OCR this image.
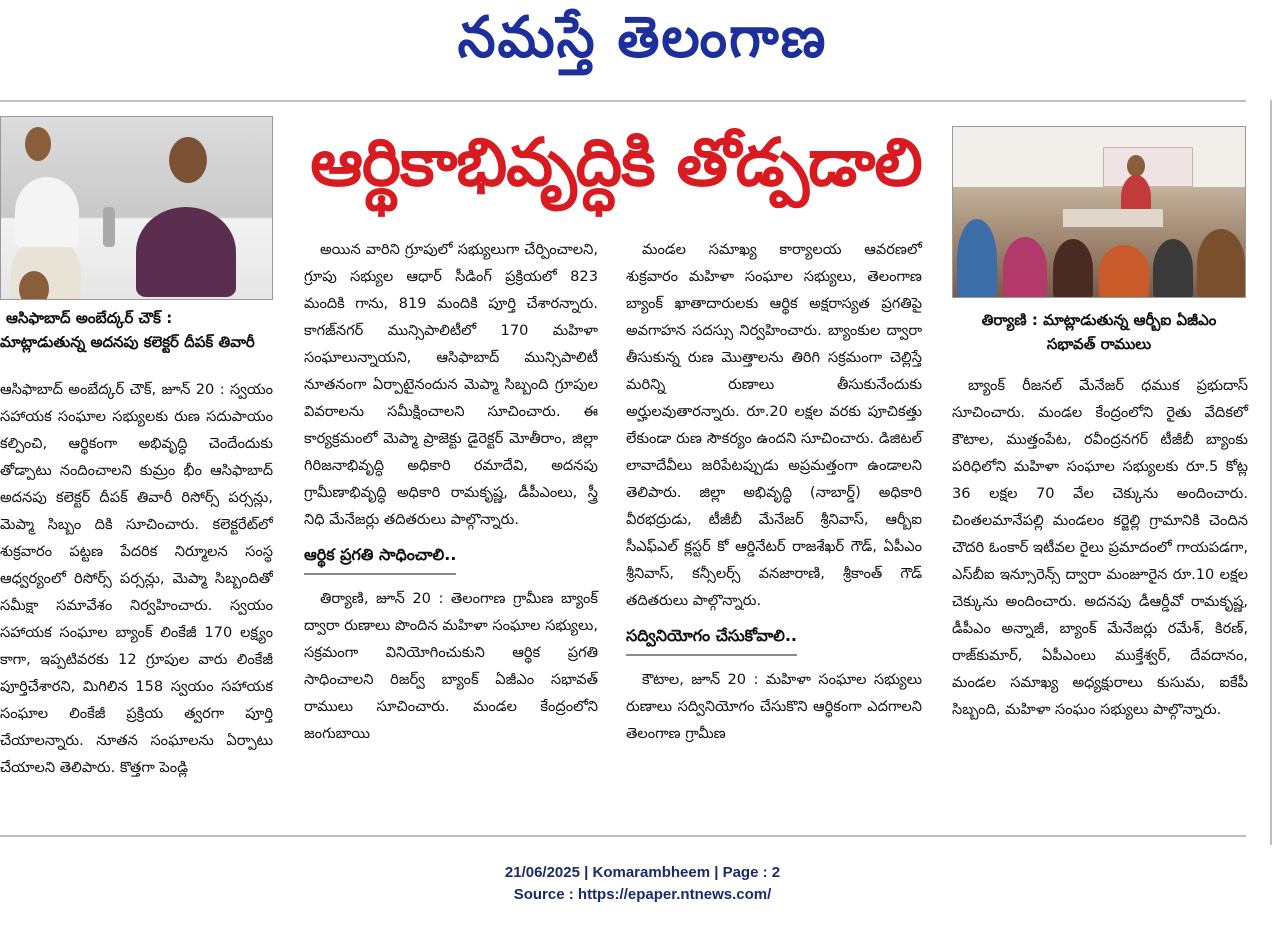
నమస్తే తెలంగాణ
ఆర్థికాభివృద్ధికి తోడ్పడాలి
ఆసిఫాబాద్ అంబేద్కర్ చౌక్ :
మాట్లాడుతున్న అదనపు కలెక్టర్ దీపక్ తివారీ
తిర్యాణి : మాట్లాడుతున్న ఆర్బీఐ ఏజీఎం
సభావత్ రాములు

ఆసిఫాబాద్ అంబేద్కర్ చౌక్, జూన్ 20 : స్వయం సహాయక సంఘాల సభ్యులకు రుణ సదుపాయం కల్పించి, ఆర్థికంగా అభివృద్ధి చెందేందుకు తోడ్పాటు నందించాలని కుమ్రం భీం ఆసిఫాబాద్ అదనపు కలెక్టర్ దీపక్ తివారీ రిసోర్స్ పర్సన్లు, మెప్మా సిబ్బం దికి సూచించారు. కలెక్టరేట్‌లో శుక్రవారం పట్టణ పేదరిక నిర్మూలన సంస్థ ఆధ్వర్యంలో రిసోర్స్ పర్సన్లు, మెప్మా సిబ్బందితో సమీక్షా సమావేశం నిర్వహించారు. స్వయం సహాయక సంఘాల బ్యాంక్ లింకేజీ 170 లక్ష్యం కాగా, ఇప్పటివరకు 12 గ్రూపుల వారు లింకేజీ పూర్తిచేశారని, మిగిలిన 158 స్వయం సహాయక సంఘాల లింకేజీ ప్రక్రియ త్వరగా పూర్తి చేయాలన్నారు. నూతన సంఘాలను ఏర్పాటు చేయాలని తెలిపారు. కొత్తగా పెండ్లి

అయిన వారిని గ్రూపులో సభ్యులుగా చేర్పించాలని, గ్రూపు సభ్యుల ఆధార్ సీడింగ్ ప్రక్రియలో 823 మందికి గాను, 819 మందికి పూర్తి చేశారన్నారు. కాగజ్‌నగర్ మున్సిపాలిటీలో 170 మహిళా సంఘాలున్నాయని, ఆసిఫాబాద్ మున్సిపాలిటీ నూతనంగా ఏర్పాటైనందున మెప్మా సిబ్బంది గ్రూపుల వివరాలను సమీక్షించాలని సూచించారు. ఈ కార్యక్రమంలో మెప్మా ప్రాజెక్టు డైరెక్టర్ మోతీరాం, జిల్లా గిరిజనాభివృద్ధి అధికారి రమాదేవి, అదనపు గ్రామీణాభివృద్ధి అధికారి రామకృష్ణ, డీపీఎంలు, స్త్రీ నిధి మేనేజర్లు తదితరులు పాల్గొన్నారు.

ఆర్థిక ప్రగతి సాధించాలి..

తిర్యాణి, జూన్ 20 : తెలంగాణ గ్రామీణ బ్యాంక్ ద్వారా రుణాలు పొందిన మహిళా సంఘాల సభ్యులు, సక్రమంగా వినియోగించుకుని ఆర్థిక ప్రగతి సాధించాలని రిజర్వ్ బ్యాంక్ ఏజీఎం సభావత్ రాములు సూచించారు. మండల కేంద్రంలోని జంగుబాయి

మండల సమాఖ్య కార్యాలయ ఆవరణలో శుక్రవారం మహిళా సంఘాల సభ్యులు, తెలంగాణ బ్యాంక్ ఖాతాదారులకు ఆర్థిక అక్షరాస్యత ప్రగతిపై అవగాహన సదస్సు నిర్వహించారు. బ్యాంకుల ద్వారా తీసుకున్న రుణ మొత్తాలను తిరిగి సక్రమంగా చెల్లిస్తే మరిన్ని రుణాలు తీసుకునేందుకు అర్హులవుతారన్నారు. రూ.20 లక్షల వరకు పూచికత్తు లేకుండా రుణ సౌకర్యం ఉందని సూచించారు. డిజిటల్ లావాదేవీలు జరిపేటప్పుడు అప్రమత్తంగా ఉండాలని తెలిపారు. జిల్లా అభివృద్ధి (నాబార్డ్) అధికారి వీరభద్రుడు, టీజీబీ మేనేజర్ శ్రీనివాస్, ఆర్బీఐ సీఎఫ్ఎల్ క్లస్టర్ కో ఆర్డినేటర్ రాజశేఖర్ గౌడ్, ఏపీఎం శ్రీనివాస్, కన్సీలర్స్ వనజారాణి, శ్రీకాంత్ గౌడ్ తదితరులు పాల్గొన్నారు.

సద్వినియోగం చేసుకోవాలి..

కౌటాల, జూన్ 20 : మహిళా సంఘాల సభ్యులు రుణాలు సద్వినియోగం చేసుకొని ఆర్థికంగా ఎదగాలని తెలంగాణ గ్రామీణ

బ్యాంక్ రీజనల్ మేనేజర్ ధముక ప్రభుదాస్ సూచించారు. మండల కేంద్రంలోని రైతు వేదికలో కౌటాల, ముత్తంపేట, రవీంద్రనగర్ టీజీబీ బ్యాంకు పరిధిలోని మహిళా సంఘాల సభ్యులకు రూ.5 కోట్ల 36 లక్షల 70 వేల చెక్కును అందించారు. చింతలమానేపల్లి మండలం కర్జెల్లి గ్రామానికి చెందిన చౌదరి ఓంకార్ ఇటీవల రైలు ప్రమాదంలో గాయపడగా, ఎస్‌బీఐ ఇన్సూరెన్స్ ద్వారా మంజూరైన రూ.10 లక్షల చెక్కును అందించారు. అదనపు డీఆర్డీవో రామకృష్ణ, డీపీఎం అన్నాజీ, బ్యాంక్ మేనేజర్లు రమేశ్, కిరణ్, రాజ్‌కుమార్, ఏపీఎంలు ముక్తేశ్వర్, దేవదానం, మండల సమాఖ్య అధ్యక్షురాలు కుసుమ, ఐకేపీ సిబ్బంది, మహిళా సంఘం సభ్యులు పాల్గొన్నారు.

21/06/2025 | Komarambheem | Page : 2
Source : https://epaper.ntnews.com/
